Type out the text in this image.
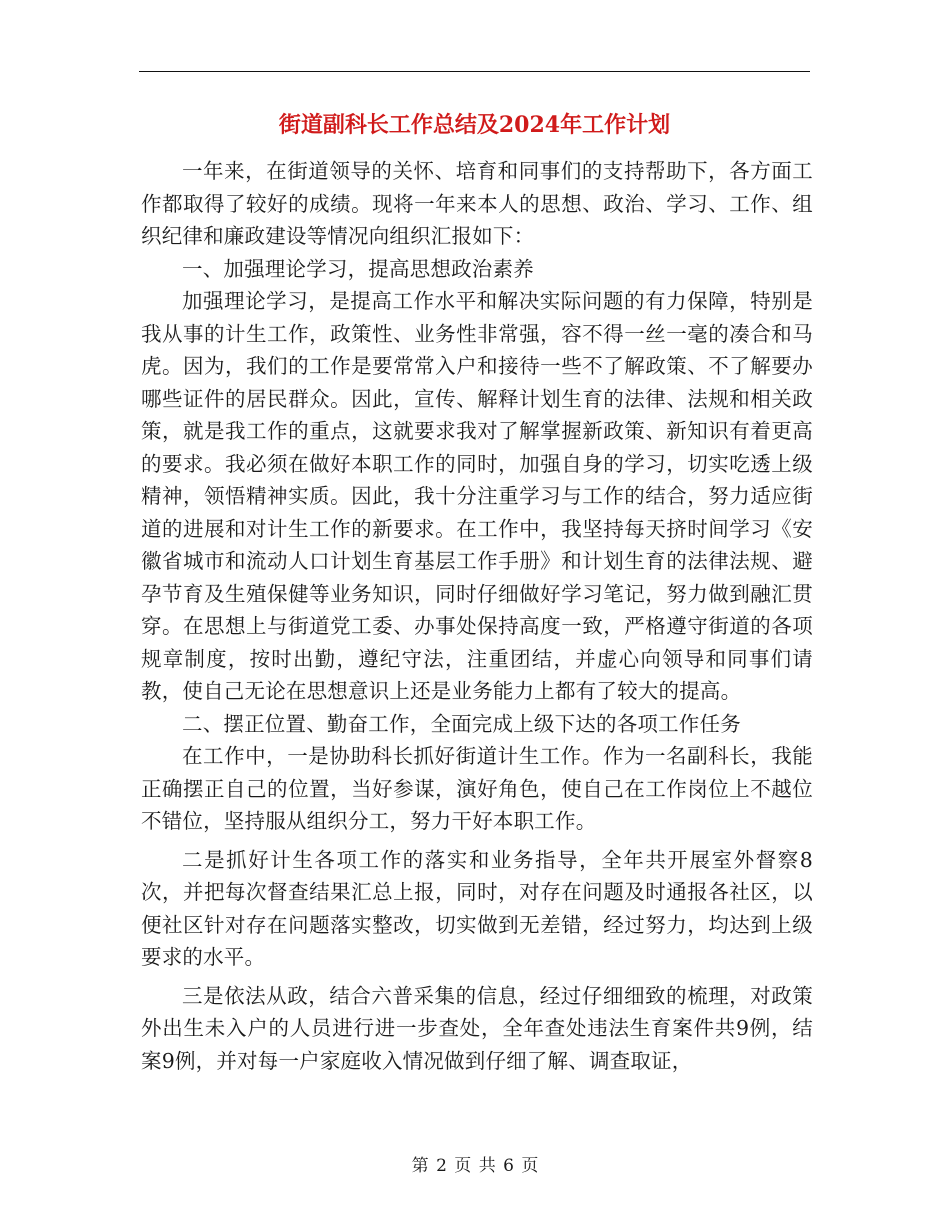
街道副科长工作总结及2024年工作计划

一年来，在街道领导的关怀、培育和同事们的支持帮助下，各方面工作都取得了较好的成绩。现将一年来本人的思想、政治、学习、工作、组织纪律和廉政建设等情况向组织汇报如下：

一、加强理论学习，提高思想政治素养

加强理论学习，是提高工作水平和解决实际问题的有力保障，特别是我从事的计生工作，政策性、业务性非常强，容不得一丝一毫的凑合和马虎。因为，我们的工作是要常常入户和接待一些不了解政策、不了解要办哪些证件的居民群众。因此，宣传、解释计划生育的法律、法规和相关政策，就是我工作的重点，这就要求我对了解掌握新政策、新知识有着更高的要求。我必须在做好本职工作的同时，加强自身的学习，切实吃透上级精神，领悟精神实质。因此，我十分注重学习与工作的结合，努力适应街道的进展和对计生工作的新要求。在工作中，我坚持每天挤时间学习《安徽省城市和流动人口计划生育基层工作手册》和计划生育的法律法规、避孕节育及生殖保健等业务知识，同时仔细做好学习笔记，努力做到融汇贯穿。在思想上与街道党工委、办事处保持高度一致，严格遵守街道的各项规章制度，按时出勤，遵纪守法，注重团结，并虚心向领导和同事们请教，使自己无论在思想意识上还是业务能力上都有了较大的提高。

二、摆正位置、勤奋工作，全面完成上级下达的各项工作任务

在工作中，一是协助科长抓好街道计生工作。作为一名副科长，我能正确摆正自己的位置，当好参谋，演好角色，使自己在工作岗位上不越位不错位，坚持服从组织分工，努力干好本职工作。

二是抓好计生各项工作的落实和业务指导，全年共开展室外督察8次，并把每次督查结果汇总上报，同时，对存在问题及时通报各社区，以便社区针对存在问题落实整改，切实做到无差错，经过努力，均达到上级要求的水平。

三是依法从政，结合六普采集的信息，经过仔细细致的梳理，对政策外出生未入户的人员进行进一步查处，全年查处违法生育案件共9例，结案9例，并对每一户家庭收入情况做到仔细了解、调查取证，

第 2 页 共 6 页
